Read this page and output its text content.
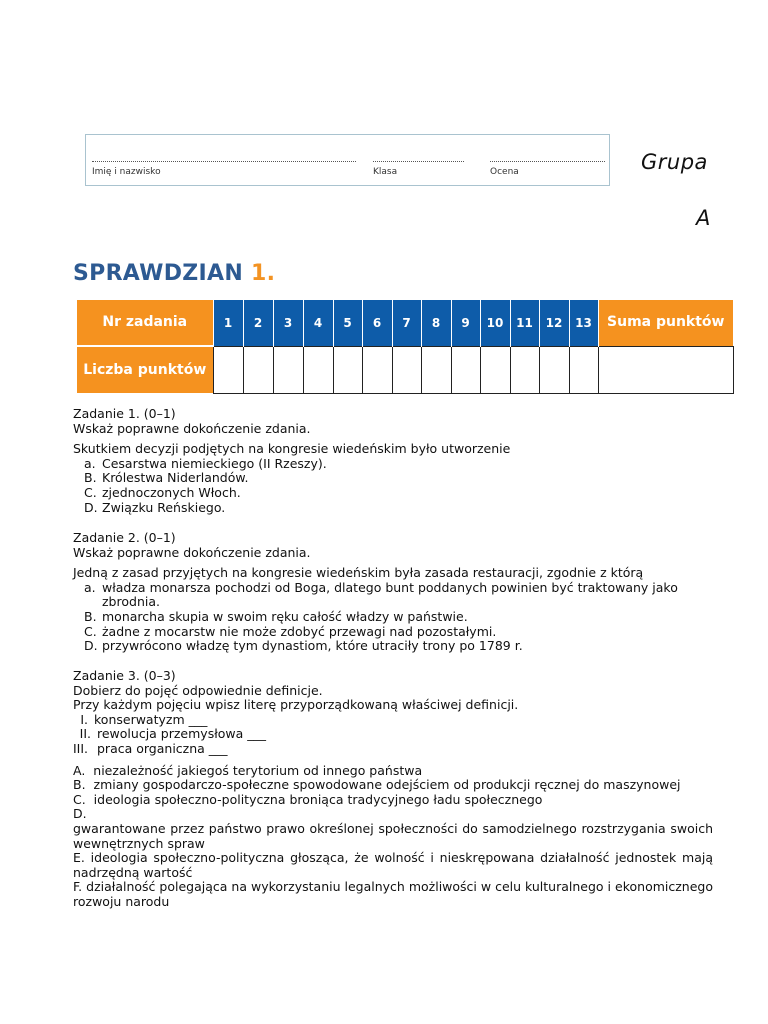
Imię i nazwisko	Klasa	Ocena	Grupa
A
SPRAWDZIAN 1.
Nr zadania	1	2	3	4	5	6	7	8	9	10	11	12	13	Suma punktów
Liczba punktów														

Zadanie 1. (0–1)

Wskaż poprawne dokończenie zdania.

Skutkiem decyzji podjętych na kongresie wiedeńskim było utworzenie

a. Cesarstwa niemieckiego (II Rzeszy).
B. Królestwa Niderlandów.
C. zjednoczonych Włoch.
D. Związku Reńskiego.

Zadanie 2. (0–1)

Wskaż poprawne dokończenie zdania.

Jedną z zasad przyjętych na kongresie wiedeńskim była zasada restauracji, zgodnie z którą

a. władza monarsza pochodzi od Boga, dlatego bunt poddanych powinien być traktowany jako zbrodnia.
B. monarcha skupia w swoim ręku całość władzy w państwie.
C. żadne z mocarstw nie może zdobyć przewagi nad pozostałymi.
D. przywrócono władzę tym dynastiom, które utraciły trony po 1789 r.

Zadanie 3. (0–3)

Dobierz do pojęć odpowiednie definicje.

Przy każdym pojęciu wpisz literę przyporządkowaną właściwej definicji.

I. konserwatyzm ___
II. rewolucja przemysłowa ___
III. praca organiczna ___
A. niezależność jakiegoś terytorium od innego państwa
B. zmiany gospodarczo-społeczne spowodowane odejściem od produkcji ręcznej do maszynowej
C. ideologia społeczno-polityczna broniąca tradycyjnego ładu społecznego
D.
gwarantowane przez państwo prawo określonej społeczności do samodzielnego rozstrzygania swoich wewnętrznych spraw
E. ideologia społeczno-polityczna głosząca, że wolność i nieskrępowana działalność jednostek mają nadrzędną wartość
F. działalność polegająca na wykorzystaniu legalnych możliwości w celu kulturalnego i ekonomicznego rozwoju narodu
